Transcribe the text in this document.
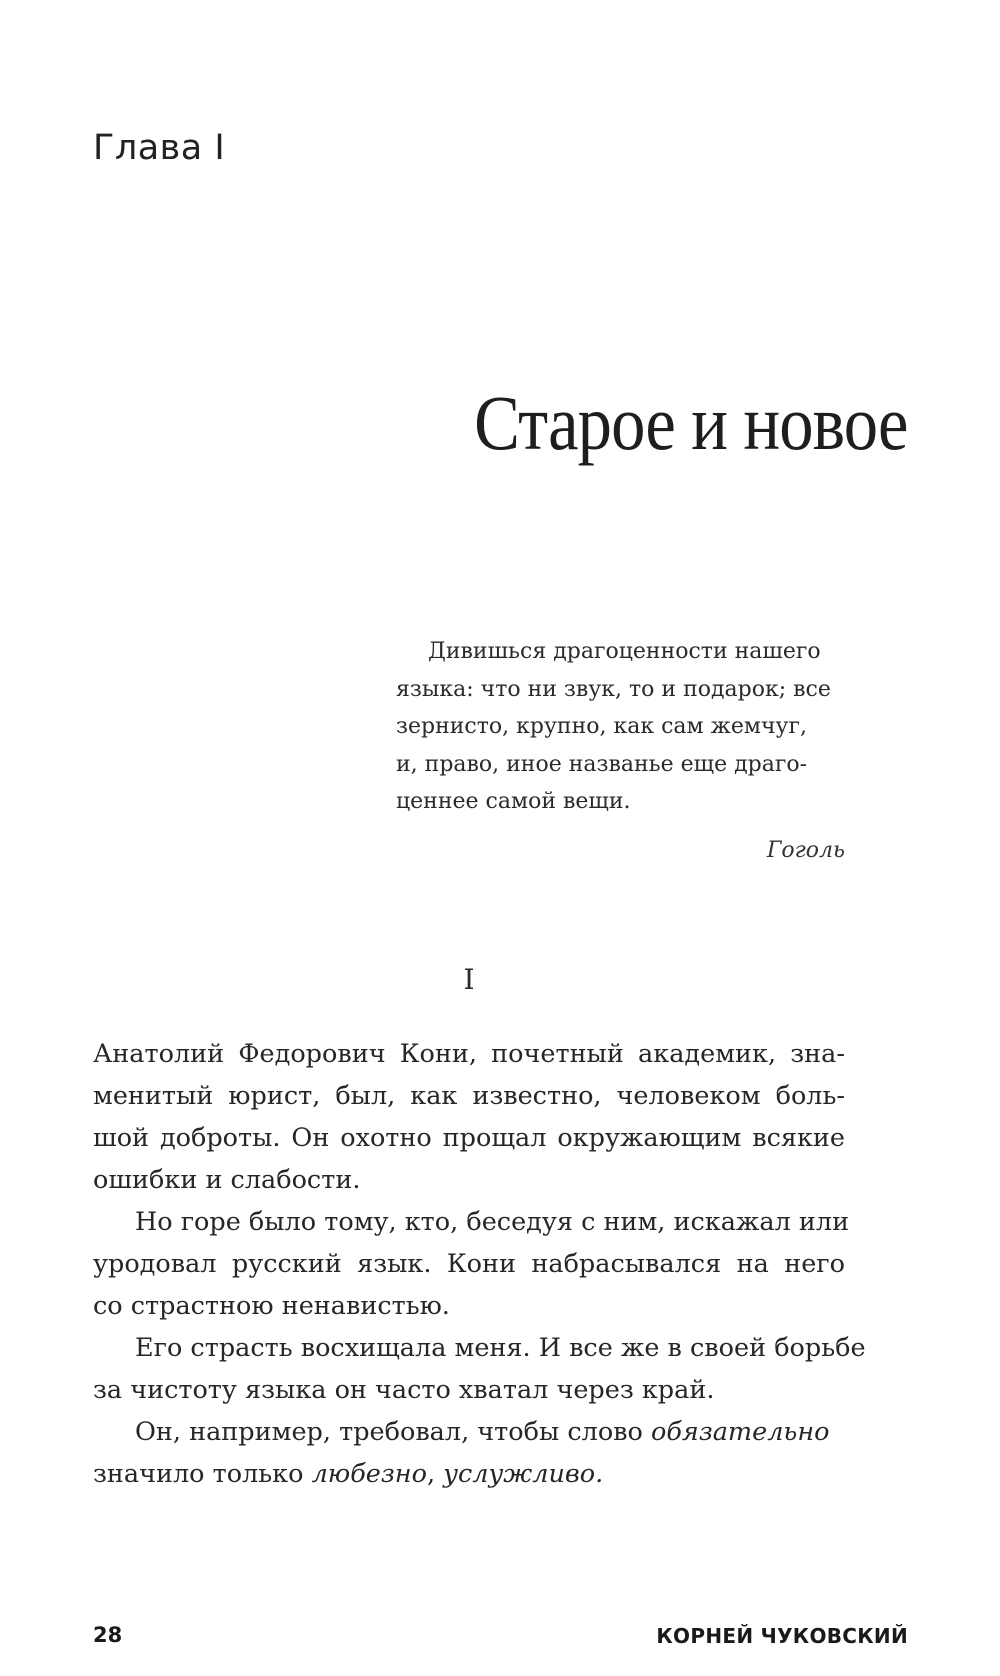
Глава I
Старое и новое

Дивишься драгоценности нашего
языка: что ни звук, то и подарок; все
зернисто, крупно, как сам жемчуг,
и, право, иное названье еще драго-
ценнее самой вещи.

Гоголь
I

Анатолий Федорович Кони, почетный академик, зна-
менитый юрист, был, как известно, человеком боль-
шой доброты. Он охотно прощал окружающим всякие
ошибки и слабости.

Но горе было тому, кто, беседуя с ним, искажал или
уродовал русский язык. Кони набрасывался на него
со страстною ненавистью.

Его страсть восхищала меня. И все же в своей борьбе
за чистоту языка он часто хватал через край.

Он, например, требовал, чтобы слово обязательно
значило только любезно, услужливо.

28	КОРНЕЙ ЧУКОВСКИЙ
